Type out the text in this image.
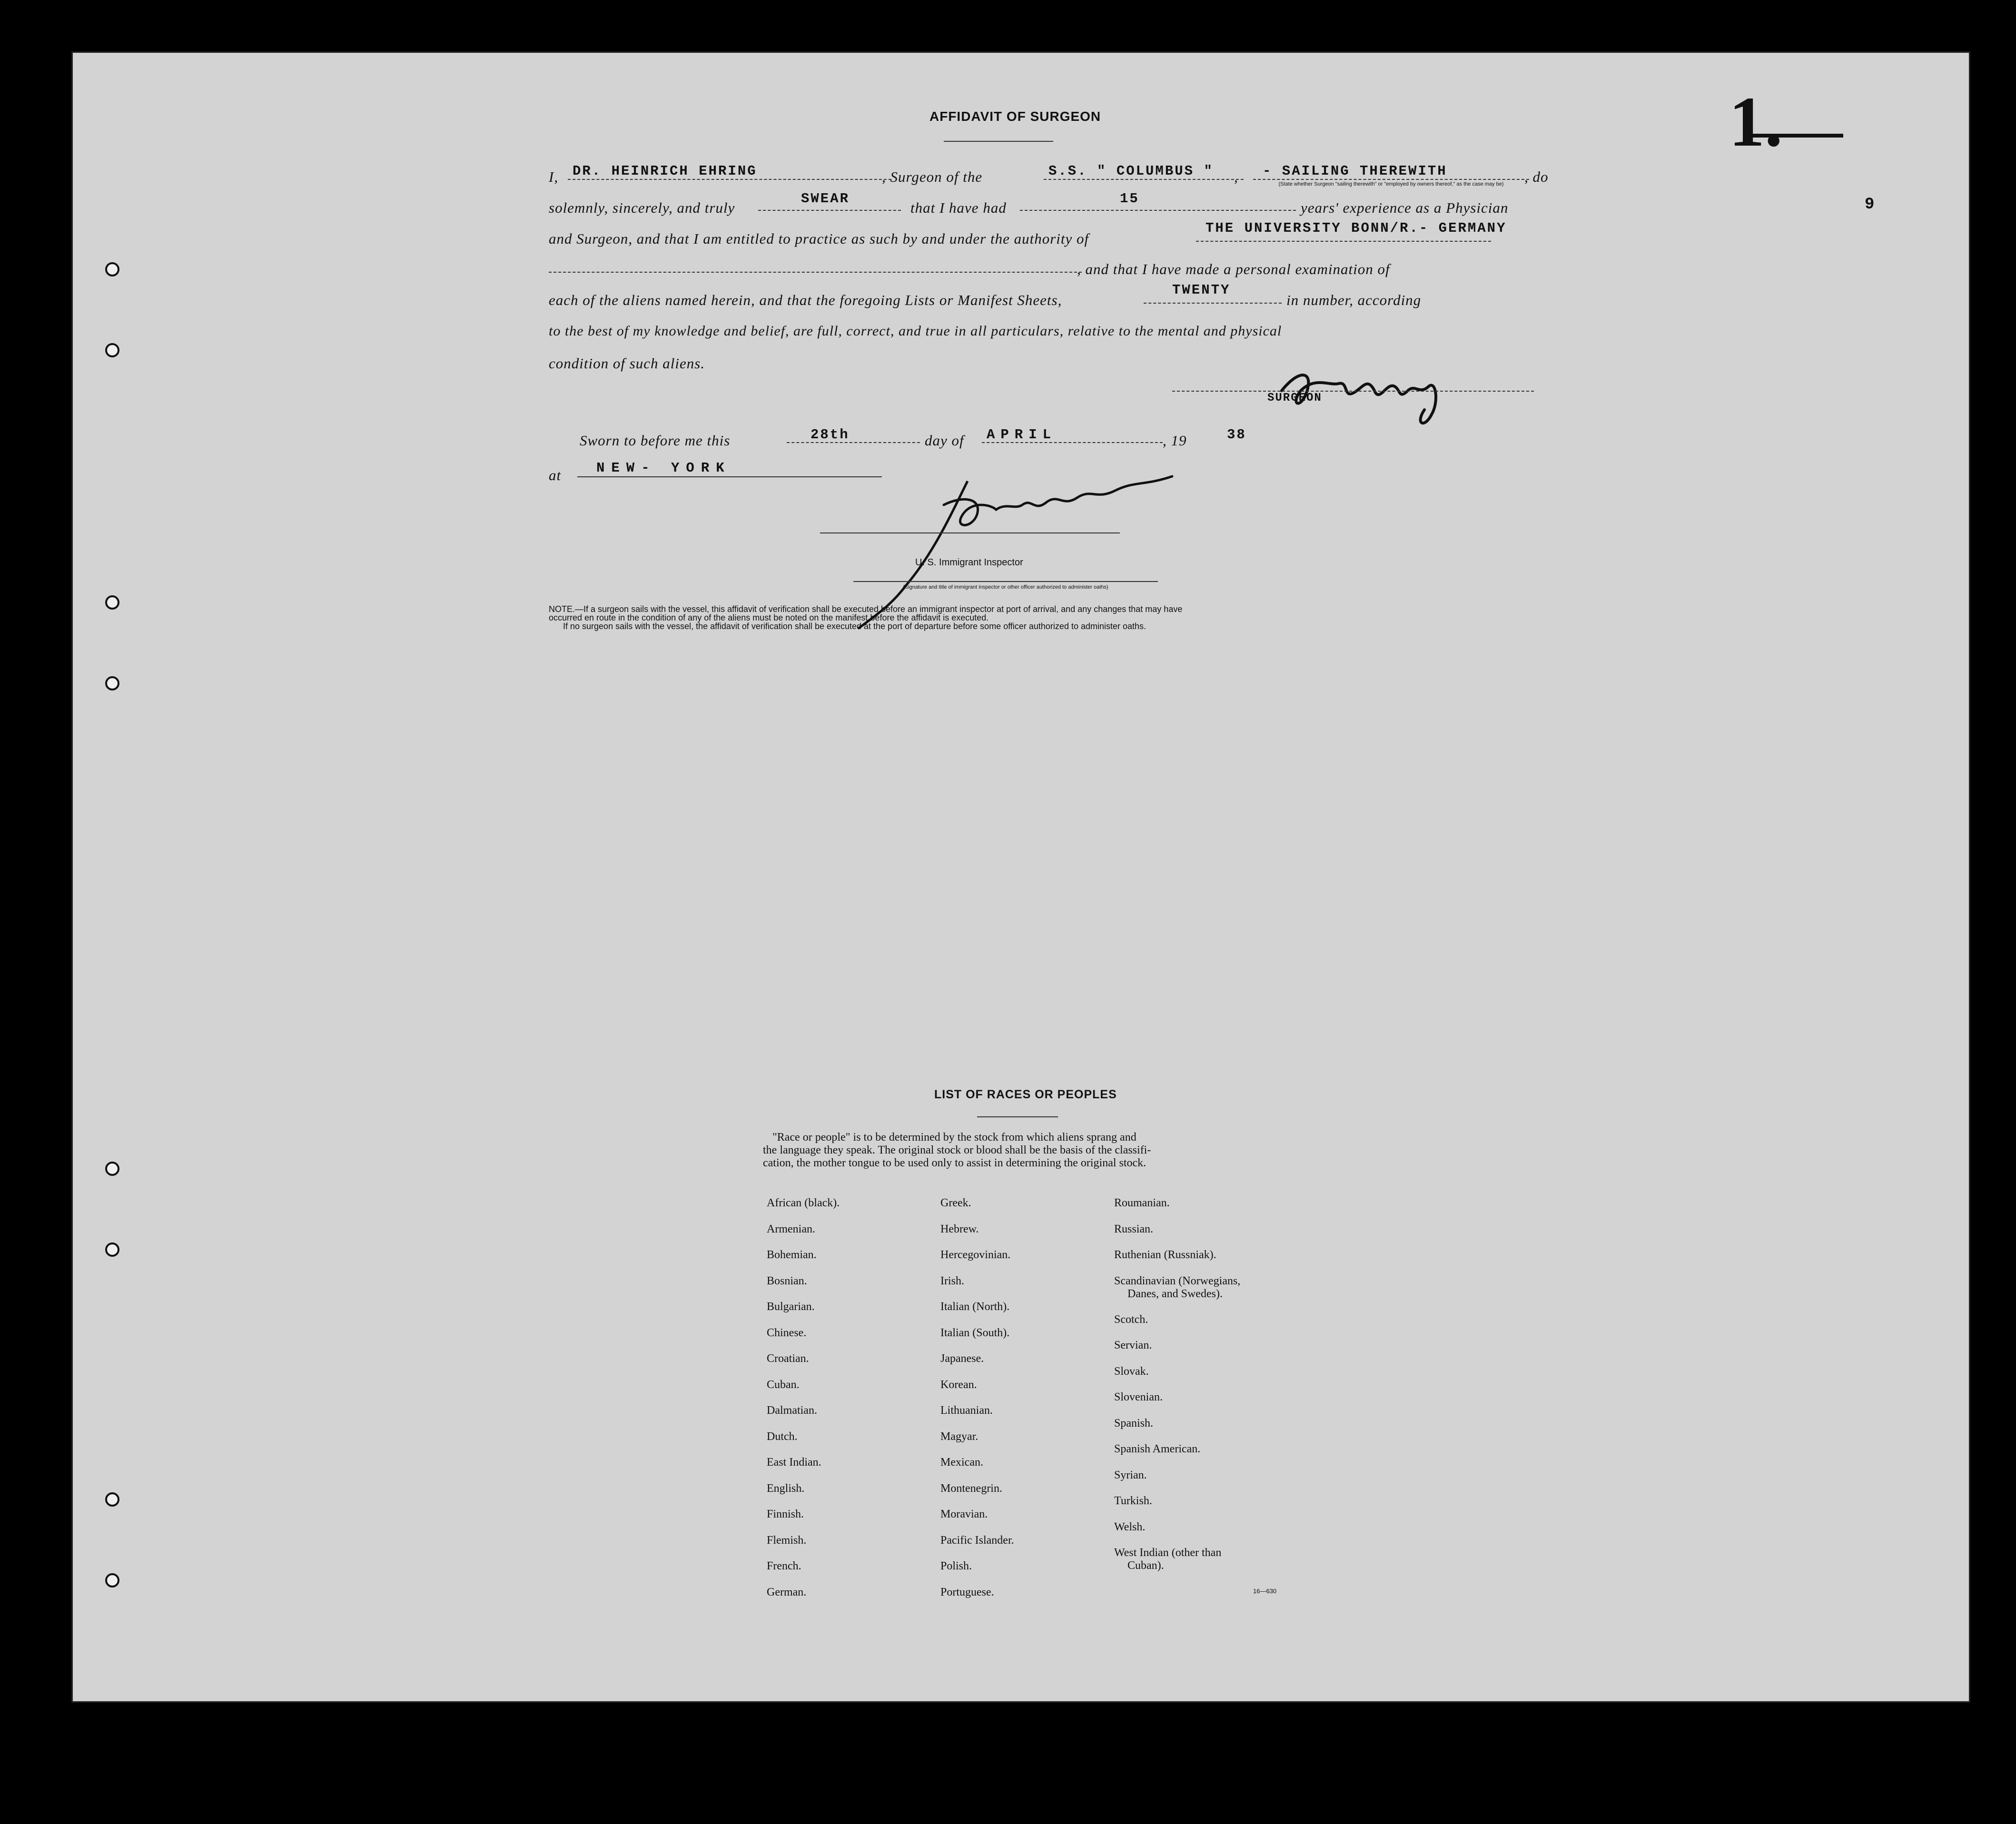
1.
9
AFFIDAVIT OF SURGEON
I, DR. HEINRICH EHRING	, Surgeon of the	S.S. " COLUMBUS " , - SAILING THEREWITH	, do
(State whether Surgeon "sailing therewith" or "employed by owners thereof," as the case may be)
solemnly, sincerely, and truly
SWEAR
that I have had
15
years' experience as a Physician
and Surgeon, and that I am entitled to practice as such by and under the authority of
THE UNIVERSITY BONN/R.- GERMANY
, and that I have made a personal examination of
each of the aliens named herein, and that the foregoing Lists or Manifest Sheets,
TWENTY
in number, according
to the best of my knowledge and belief, are full, correct, and true in all particulars, relative to the mental and physical
condition of such aliens.
SURGEON
Sworn to before me this	28th	day of APRIL	, 19	38
at	NEW- YORK
U. S. Immigrant Inspector
(Signature and title of immigrant inspector or other officer authorized to administer oaths)
NOTE.—If a surgeon sails with the vessel, this affidavit of verification shall be executed before an immigrant inspector at port of arrival, and any changes that may have
occurred en route in the condition of any of the aliens must be noted on the manifest before the affidavit is executed.
If no surgeon sails with the vessel, the affidavit of verification shall be executed at the port of departure before some officer authorized to administer oaths.
LIST OF RACES OR PEOPLES
"Race or people" is to be determined by the stock from which aliens sprang and
the language they speak. The original stock or blood shall be the basis of the classifi-
cation, the mother tongue to be used only to assist in determining the original stock.
African (black).
Armenian.
Bohemian.
Bosnian.
Bulgarian.
Chinese.
Croatian.
Cuban.
Dalmatian.
Dutch.
East Indian.
English.
Finnish.
Flemish.
French.
German.
Greek.
Hebrew.
Hercegovinian.
Irish.
Italian (North).
Italian (South).
Japanese.
Korean.
Lithuanian.
Magyar.
Mexican.
Montenegrin.
Moravian.
Pacific Islander.
Polish.
Portuguese.
Roumanian.
Russian.
Ruthenian (Russniak).
Scandinavian (Norwegians,
Danes, and Swedes).
Scotch.
Servian.
Slovak.
Slovenian.
Spanish.
Spanish American.
Syrian.
Turkish.
Welsh.
West Indian (other than
Cuban).
16—630
